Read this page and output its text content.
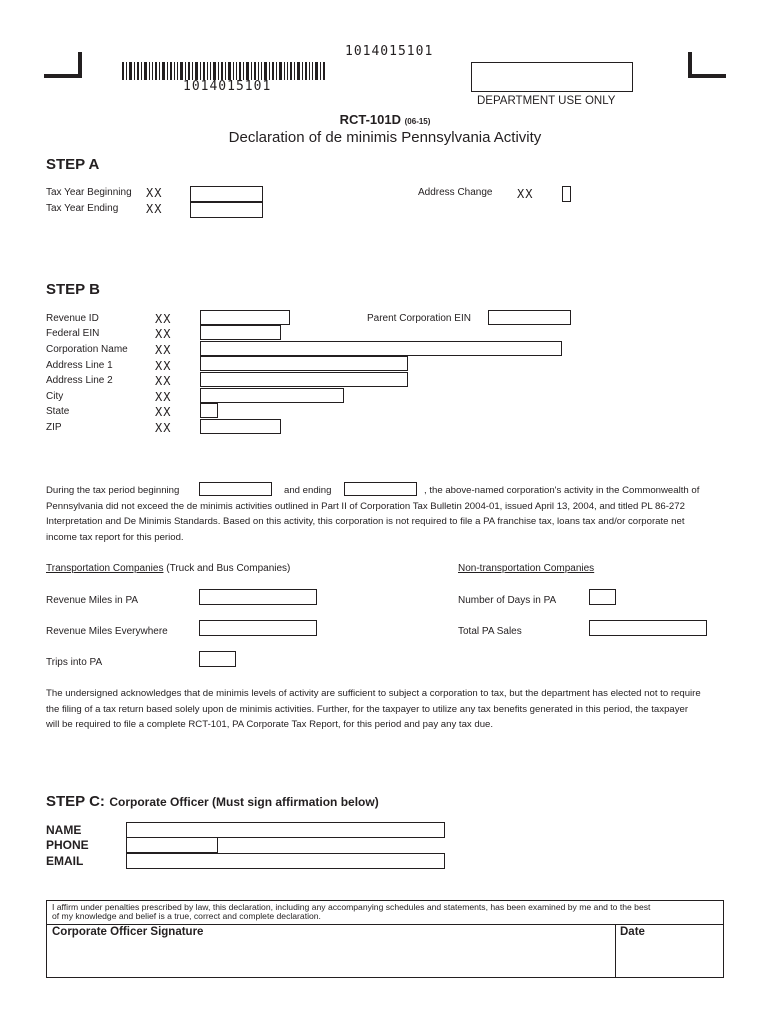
1014015101
1014015101
DEPARTMENT USE ONLY
RCT-101D (06-15)
Declaration of de minimis Pennsylvania Activity
STEP A
Tax Year Beginning XX
Tax Year Ending XX
Address Change XX
STEP B
Revenue ID	XX
Federal EIN	XX
Corporation Name XX
Address Line 1	XX
Address Line 2	XX
City	XX
State	XX
ZIP	XX
Parent Corporation EIN
During the tax period beginning	and ending	, the above-named corporation's activity in the Commonwealth of
Pennsylvania did not exceed the de minimis activities outlined in Part II of Corporation Tax Bulletin 2004-01, issued April 13, 2004, and titled PL 86-272
Interpretation and De Minimis Standards. Based on this activity, this corporation is not required to file a PA franchise tax, loans tax and/or corporate net
income tax report for this period.
Transportation Companies (Truck and Bus Companies)	Non-transportation Companies
Revenue Miles in PA
Revenue Miles Everywhere
Trips into PA
Number of Days in PA
Total PA Sales
The undersigned acknowledges that de minimis levels of activity are sufficient to subject a corporation to tax, but the department has elected not to require
the filing of a tax return based solely upon de minimis activities. Further, for the taxpayer to utilize any tax benefits generated in this period, the taxpayer
will be required to file a complete RCT-101, PA Corporate Tax Report, for this period and pay any tax due.
STEP C: Corporate Officer (Must sign affirmation below)
NAME
PHONE
EMAIL
I affirm under penalties prescribed by law, this declaration, including any accompanying schedules and statements, has been examined by me and to the best
of my knowledge and belief is a true, correct and complete declaration.
Corporate Officer Signature	Date
